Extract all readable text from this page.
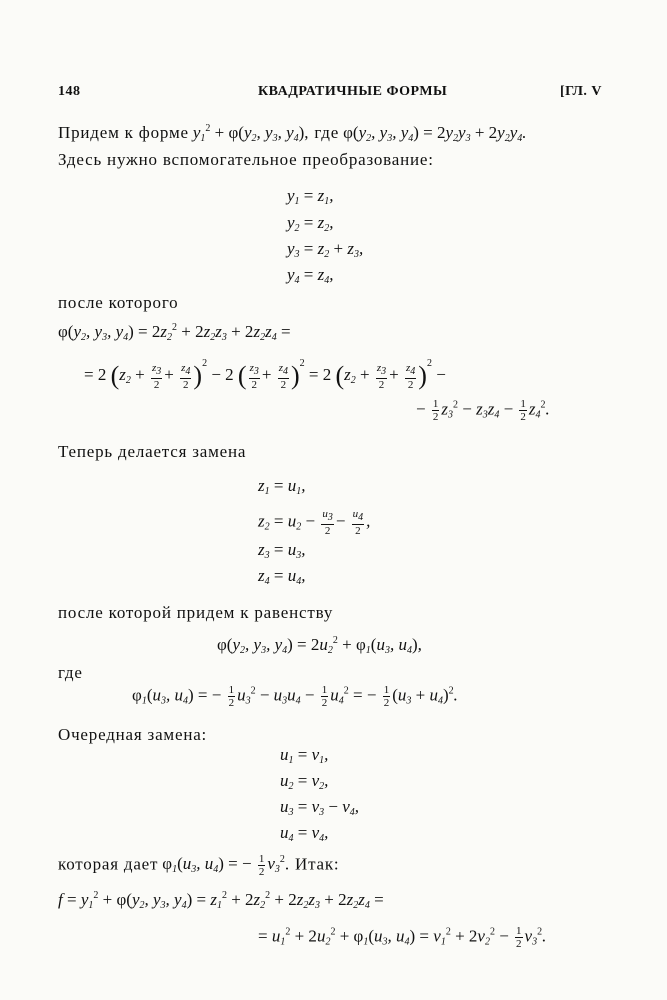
148	КВАДРАТИЧНЫЕ ФОРМЫ	[ГЛ. V
Придем к форме $y_1^2 + \varphi(y_2$, $y_3$, $y_4$), где $\varphi(y_2$, $y_3$, $y_4) = 2y_2y_3 + 2y_2y_4$.
Здесь нужно вспомогательное преобразование:
$y_1 = z_1$,
$y_2 = z_2$,
$y_3 = z_2 + z_3$,
$y_4 = z_4$,
после которого
$\varphi(y_2$, $y_3$, $y_4) = 2z_2^2 + 2z_2z_3 + 2z_2z_4$ =
= 2 $(z_2 + \frac{z_3}{2} + \frac{z_4}{2} )^2 - 2$ ( $\frac{z_3}{2} + \frac{z_4}{2} )^2 = 2$ $(z_2 + \frac{z_3}{2} + \frac{z_4}{2} )^2$ −
− $\frac{1}{2} z_3^2 - z_3z_4 - \frac{1}{2} z_4^2$.
Теперь делается замена
$z_1 = u_1$,
$z_2 = u_2 - \frac{u_3}{2} - \frac{u_4}{2}$ ,
$z_3 = u_3$,
$z_4 = u_4$,
после которой придем к равенству
$\varphi(y_2$, $y_3$, $y_4) = 2u_2^2 + \varphi_1(u_3$, $u_4$),
где
$\varphi_1(u_3$, $u_4$) = − $\frac{1}{2} u_3^2 - u_3u_4 - \frac{1}{2} u_4^2$ = − $\frac{1}{2} (u_3 + u_4)^2$.
Очередная замена:
$u_1 = v_1$,
$u_2 = v_2$,
$u_3 = v_3 - v_4$,
$u_4 = v_4$,
которая дает $\varphi_1(u_3$, $u_4$) = − $\frac{1}{2} v_3^2$. Итак:
$f = y_1^2 + \varphi(y_2$, $y_3$, $y_4) = z_1^2 + 2z_2^2 + 2z_2z_3 + 2z_2z_4$ =
= $u_1^2 + 2u_2^2 + \varphi_1(u_3$, $u_4) = v_1^2 + 2v_2^2 - \frac{1}{2} v_3^2$.
